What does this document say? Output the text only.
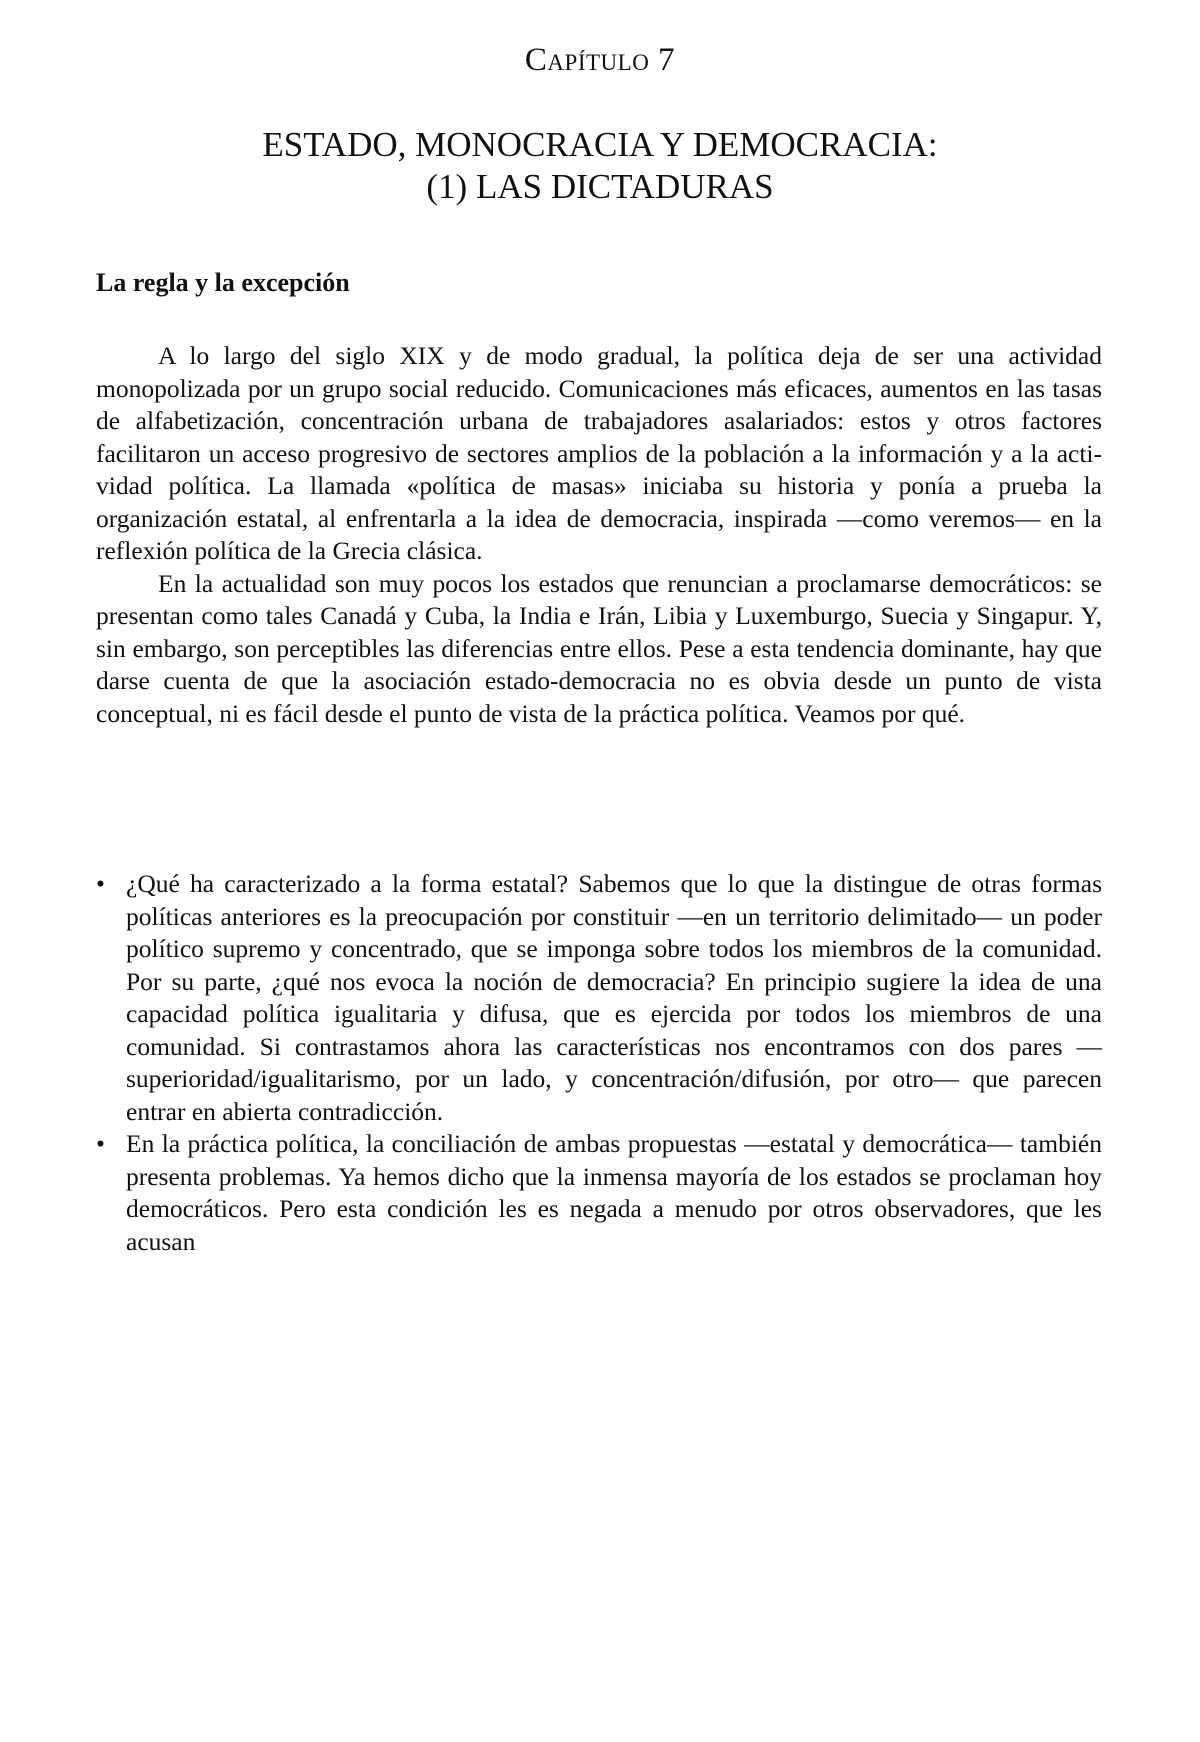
Capítulo 7
ESTADO, MONOCRACIA Y DEMOCRACIA:
(1) LAS DICTADURAS
La regla y la excepción

A lo largo del siglo XIX y de modo gradual, la política deja de ser una actividad monopolizada por un grupo social reducido. Comunicaciones más eficaces, aumentos en las tasas de alfabetización, concentración urbana de trabajadores asalariados: estos y otros factores facilitaron un acceso progresivo de sectores amplios de la población a la información y a la actividad política. La llamada «política de masas» iniciaba su historia y ponía a prueba la organización estatal, al enfrentarla a la idea de democracia, inspirada —como veremos— en la reflexión política de la Grecia clásica.

En la actualidad son muy pocos los estados que renuncian a proclamarse democráticos: se presentan como tales Canadá y Cuba, la India e Irán, Libia y Luxemburgo, Suecia y Singapur. Y, sin embargo, son perceptibles las diferencias entre ellos. Pese a esta tendencia dominante, hay que darse cuenta de que la asociación estado-democracia no es obvia desde un punto de vista conceptual, ni es fácil desde el punto de vista de la práctica política. Veamos por qué.

• ¿Qué ha caracterizado a la forma estatal? Sabemos que lo que la distingue de otras formas políticas anteriores es la preocupación por constituir —en un territorio delimitado— un poder político supremo y concentrado, que se imponga sobre todos los miembros de la comunidad. Por su parte, ¿qué nos evoca la noción de democracia? En principio sugiere la idea de una capacidad política igualitaria y difusa, que es ejercida por todos los miembros de una comunidad. Si contrastamos ahora las características nos encontramos con dos pares —superioridad/igualitarismo, por un lado, y concentración/difusión, por otro— que parecen entrar en abierta contradicción.
• En la práctica política, la conciliación de ambas propuestas —estatal y democrática— también presenta problemas. Ya hemos dicho que la inmensa mayoría de los estados se proclaman hoy democráticos. Pero esta condición les es negada a menudo por otros observadores, que les acusan
